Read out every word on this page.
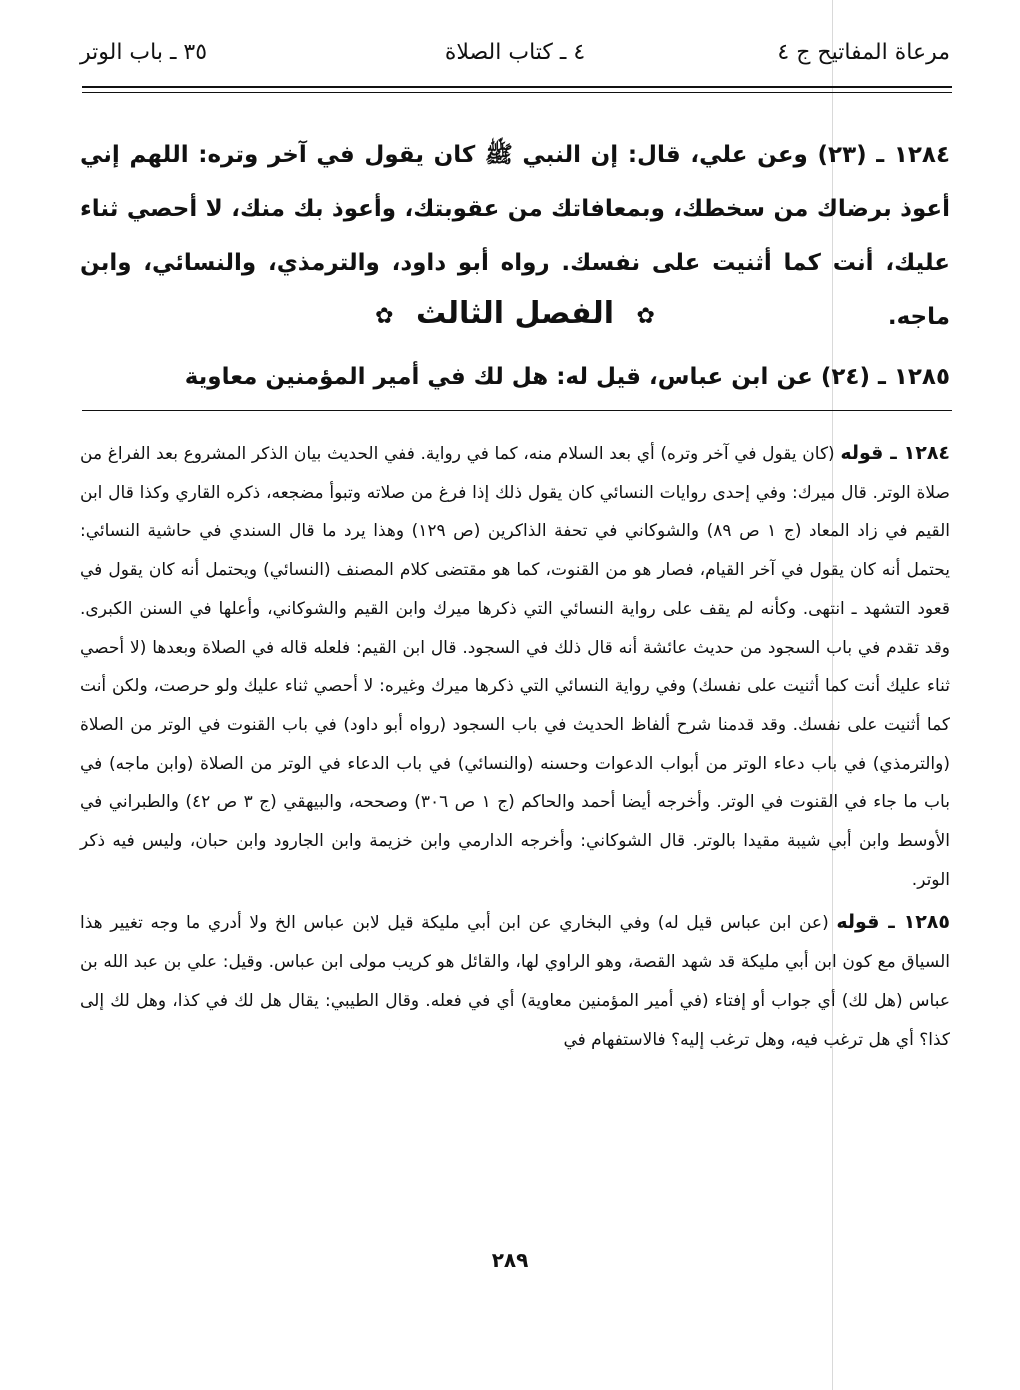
مرعاة المفاتيح ج ٤
٤ ـ كتاب الصلاة
٣٥ ـ باب الوتر

١٢٨٤ ـ (٢٣) وعن علي، قال: إن النبي ﷺ كان يقول في آخر وتره: اللهم إني أعوذ برضاك من سخطك، وبمعافاتك من عقوبتك، وأعوذ بك منك، لا أحصي ثناء عليك، أنت كما أثنيت على نفسك. رواه أبو داود، والترمذي، والنسائي، وابن ماجه.

✿ الفصل الثالث ✿
١٢٨٥ ـ (٢٤) عن ابن عباس، قيل له: هل لك في أمير المؤمنين معاوية

١٢٨٤ ـ قوله (كان يقول في آخر وتره) أي بعد السلام منه، كما في رواية. ففي الحديث بيان الذكر المشروع بعد الفراغ من صلاة الوتر. قال ميرك: وفي إحدى روايات النسائي كان يقول ذلك إذا فرغ من صلاته وتبوأ مضجعه، ذكره القاري وكذا قال ابن القيم في زاد المعاد (ج ١ ص ٨٩) والشوكاني في تحفة الذاكرين (ص ١٢٩) وهذا يرد ما قال السندي في حاشية النسائي: يحتمل أنه كان يقول في آخر القيام، فصار هو من القنوت، كما هو مقتضى كلام المصنف (النسائي) ويحتمل أنه كان يقول في قعود التشهد ـ انتهى. وكأنه لم يقف على رواية النسائي التي ذكرها ميرك وابن القيم والشوكاني، وأعلها في السنن الكبرى. وقد تقدم في باب السجود من حديث عائشة أنه قال ذلك في السجود. قال ابن القيم: فلعله قاله في الصلاة وبعدها (لا أحصي ثناء عليك أنت كما أثنيت على نفسك) وفي رواية النسائي التي ذكرها ميرك وغيره: لا أحصي ثناء عليك ولو حرصت، ولكن أنت كما أثنيت على نفسك. وقد قدمنا شرح ألفاظ الحديث في باب السجود (رواه أبو داود) في باب القنوت في الوتر من الصلاة (والترمذي) في باب دعاء الوتر من أبواب الدعوات وحسنه (والنسائي) في باب الدعاء في الوتر من الصلاة (وابن ماجه) في باب ما جاء في القنوت في الوتر. وأخرجه أيضا أحمد والحاكم (ج ١ ص ٣٠٦) وصححه، والبيهقي (ج ٣ ص ٤٢) والطبراني في الأوسط وابن أبي شيبة مقيدا بالوتر. قال الشوكاني: وأخرجه الدارمي وابن خزيمة وابن الجارود وابن حبان، وليس فيه ذكر الوتر.

١٢٨٥ ـ قوله (عن ابن عباس قيل له) وفي البخاري عن ابن أبي مليكة قيل لابن عباس الخ ولا أدري ما وجه تغيير هذا السياق مع كون ابن أبي مليكة قد شهد القصة، وهو الراوي لها، والقائل هو كريب مولى ابن عباس. وقيل: علي بن عبد الله بن عباس (هل لك) أي جواب أو إفتاء (في أمير المؤمنين معاوية) أي في فعله. وقال الطيبي: يقال هل لك في كذا، وهل لك إلى كذا؟ أي هل ترغب فيه، وهل ترغب إليه؟ فالاستفهام في

٢٨٩
